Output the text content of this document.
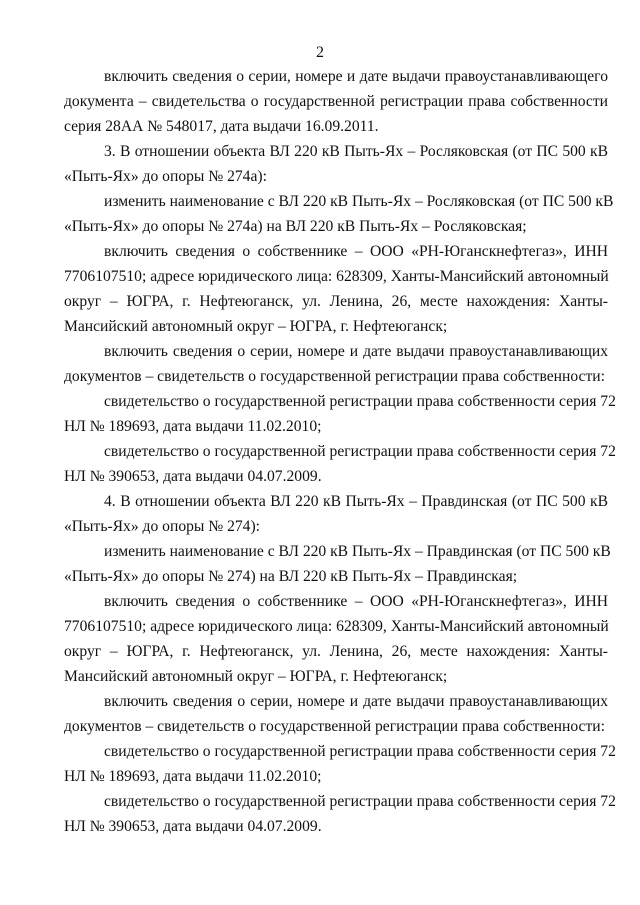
2
включить сведения о серии, номере и дате выдачи правоустанавливающего
документа – свидетельства о государственной регистрации права собственности
серия 28АА № 548017, дата выдачи 16.09.2011.
3. В отношении объекта ВЛ 220 кВ Пыть-Ях – Росляковская (от ПС 500 кВ
«Пыть-Ях» до опоры № 274а):
изменить наименование с ВЛ 220 кВ Пыть-Ях – Росляковская (от ПС 500 кВ
«Пыть-Ях» до опоры № 274а) на ВЛ 220 кВ Пыть-Ях – Росляковская;
включить сведения о собственнике – ООО «РН-Юганскнефтегаз», ИНН
7706107510; адресе юридического лица: 628309, Ханты-Мансийский автономный
округ – ЮГРА, г. Нефтеюганск, ул. Ленина, 26, месте нахождения: Ханты-
Мансийский автономный округ – ЮГРА, г. Нефтеюганск;
включить сведения о серии, номере и дате выдачи правоустанавливающих
документов – свидетельств о государственной регистрации права собственности:
свидетельство о государственной регистрации права собственности серия 72
НЛ № 189693, дата выдачи 11.02.2010;
свидетельство о государственной регистрации права собственности серия 72
НЛ № 390653, дата выдачи 04.07.2009.
4. В отношении объекта ВЛ 220 кВ Пыть-Ях – Правдинская (от ПС 500 кВ
«Пыть-Ях» до опоры № 274):
изменить наименование с ВЛ 220 кВ Пыть-Ях – Правдинская (от ПС 500 кВ
«Пыть-Ях» до опоры № 274) на ВЛ 220 кВ Пыть-Ях – Правдинская;
включить сведения о собственнике – ООО «РН-Юганскнефтегаз», ИНН
7706107510; адресе юридического лица: 628309, Ханты-Мансийский автономный
округ – ЮГРА, г. Нефтеюганск, ул. Ленина, 26, месте нахождения: Ханты-
Мансийский автономный округ – ЮГРА, г. Нефтеюганск;
включить сведения о серии, номере и дате выдачи правоустанавливающих
документов – свидетельств о государственной регистрации права собственности:
свидетельство о государственной регистрации права собственности серия 72
НЛ № 189693, дата выдачи 11.02.2010;
свидетельство о государственной регистрации права собственности серия 72
НЛ № 390653, дата выдачи 04.07.2009.
